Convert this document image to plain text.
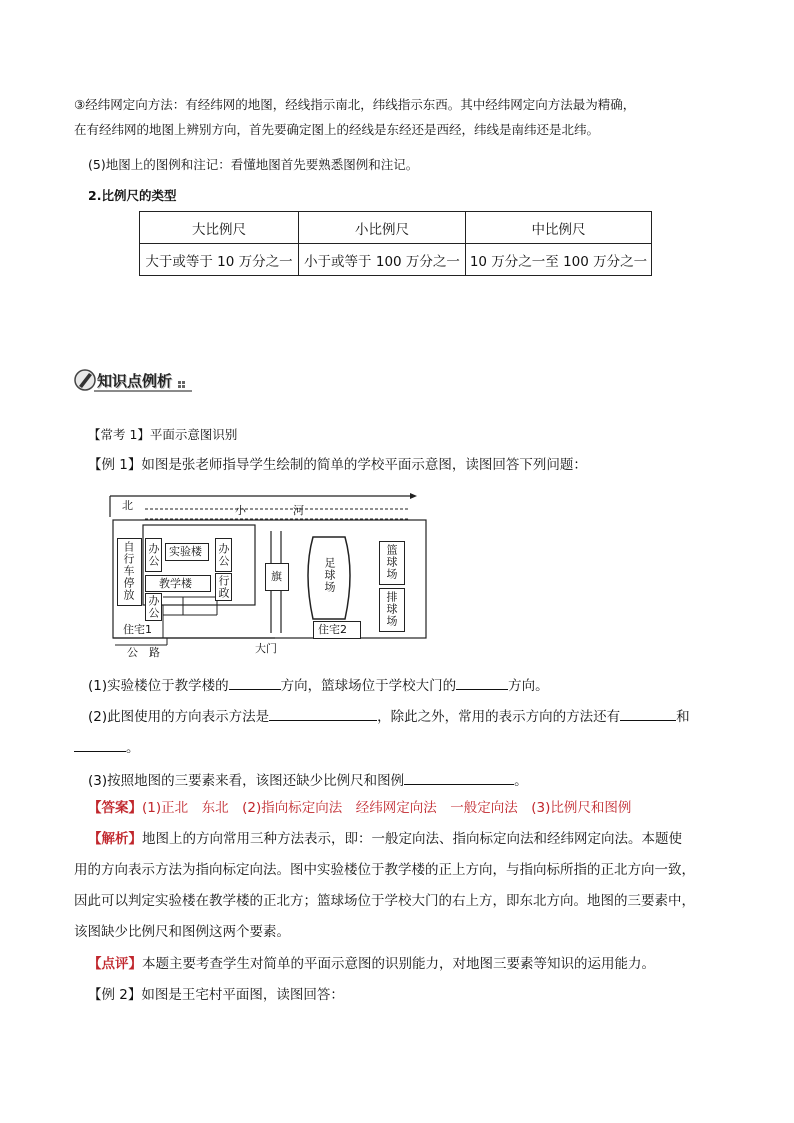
③经纬网定向方法：有经纬网的地图，经线指示南北，纬线指示东西。其中经纬网定向方法最为精确，
在有经纬网的地图上辨别方向，首先要确定图上的经线是东经还是西经，纬线是南纬还是北纬。
(5)地图上的图例和注记：看懂地图首先要熟悉图例和注记。
2.比例尺的类型
大比例尺	小比例尺	中比例尺
大于或等于 10 万分之一	小于或等于 100 万分之一	10 万分之一至 100 万分之一
知识点例析
【常考 1】平面示意图识别
【例 1】如图是张老师指导学生绘制的简单的学校平面示意图，读图回答下列问题：
北	小	河
自行车停放 办公 实验楼 办公
教学楼 行政
办公
旗	足球场	篮球场
排球场
住宅1	住宅2
公 路	大门
(1)实验楼位于教学楼的	方向，篮球场位于学校大门的	方向。
(2)此图使用的方向表示方法是	，除此之外，常用的表示方向的方法还有	和
。
(3)按照地图的三要素来看，该图还缺少比例尺和图例	。
【答案】(1)正北　东北　(2)指向标定向法　经纬网定向法　一般定向法　(3)比例尺和图例
【解析】地图上的方向常用三种方法表示，即：一般定向法、指向标定向法和经纬网定向法。本题使
用的方向表示方法为指向标定向法。图中实验楼位于教学楼的正上方向，与指向标所指的正北方向一致，
因此可以判定实验楼在教学楼的正北方；篮球场位于学校大门的右上方，即东北方向。地图的三要素中，
该图缺少比例尺和图例这两个要素。
【点评】本题主要考查学生对简单的平面示意图的识别能力，对地图三要素等知识的运用能力。
【例 2】如图是王宅村平面图，读图回答：
